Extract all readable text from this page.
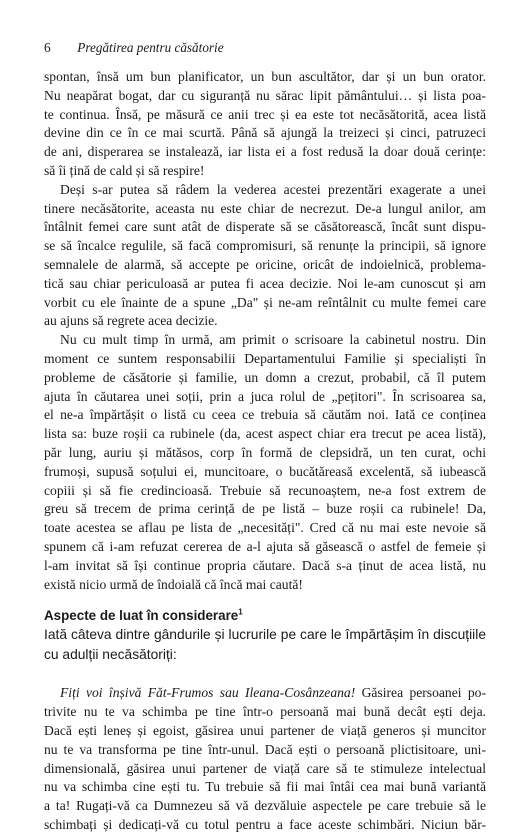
6 Pregătirea pentru căsătorie
spontan, însă um bun planificator, un bun ascultător, dar și un bun orator.
Nu neapărat bogat, dar cu siguranță nu sărac lipit pământului… și lista poa-
te continua. Însă, pe măsură ce anii trec și ea este tot necăsătorită, acea listă
devine din ce în ce mai scurtă. Până să ajungă la treizeci și cinci, patruzeci
de ani, disperarea se instalează, iar lista ei a fost redusă la doar două cerințe:
să îi țină de cald și să respire!
Deși s-ar putea să râdem la vederea acestei prezentări exagerate a unei
tinere necăsătorite, aceasta nu este chiar de necrezut. De-a lungul anilor, am
întâlnit femei care sunt atât de disperate să se căsătorească, încât sunt dispu-
se să încalce regulile, să facă compromisuri, să renunțe la principii, să ignore
semnalele de alarmă, să accepte pe oricine, oricât de indoielnică, problema-
tică sau chiar periculoasă ar putea fi acea decizie. Noi le-am cunoscut și am
vorbit cu ele înainte de a spune „Da" și ne-am reîntâlnit cu multe femei care
au ajuns să regrete acea decizie.
Nu cu mult timp în urmă, am primit o scrisoare la cabinetul nostru. Din
moment ce suntem responsabilii Departamentului Familie și specialiști în
probleme de căsătorie și familie, un domn a crezut, probabil, că îl putem
ajuta în căutarea unei soții, prin a juca rolul de „pețitori". În scrisoarea sa,
el ne-a împărtășit o listă cu ceea ce trebuia să căutăm noi. Iată ce conținea
lista sa: buze roșii ca rubinele (da, acest aspect chiar era trecut pe acea listă),
păr lung, auriu și mătăsos, corp în formă de clepsidră, un ten curat, ochi
frumoși, supusă soțului ei, muncitoare, o bucătăreasă excelentă, să iubească
copiii și să fie credincioasă. Trebuie să recunoaștem, ne-a fost extrem de
greu să trecem de prima cerință de pe listă – buze roșii ca rubinele! Da,
toate acestea se aflau pe lista de „necesități". Cred că nu mai este nevoie să
spunem că i-am refuzat cererea de a-l ajuta să găsească o astfel de femeie și
l-am invitat să își continue propria căutare. Dacă s-a ținut de acea listă, nu
există nicio urmă de îndoială că încă mai caută!
Aspecte de luat în considerare$^1$
Iată câteva dintre gândurile și lucrurile pe care le împărtășim în discuțiile
cu adulții necăsătoriți:
Fiți voi înșivă Făt-Frumos sau Ileana-Cosânzeana! Găsirea persoanei po-
trivite nu te va schimba pe tine într-o persoană mai bună decât ești deja.
Dacă ești leneș și egoist, găsirea unui partener de viață generos și muncitor
nu te va transforma pe tine într-unul. Dacă ești o persoană plictisitoare, uni-
dimensională, găsirea unui partener de viață care să te stimuleze intelectual
nu va schimba cine ești tu. Tu trebuie să fii mai întâi cea mai bună variantă
a ta! Rugați-vă ca Dumnezeu să vă dezvăluie aspectele pe care trebuie să le
schimbați și dedicați-vă cu totul pentru a face aceste schimbări. Niciun băr-
